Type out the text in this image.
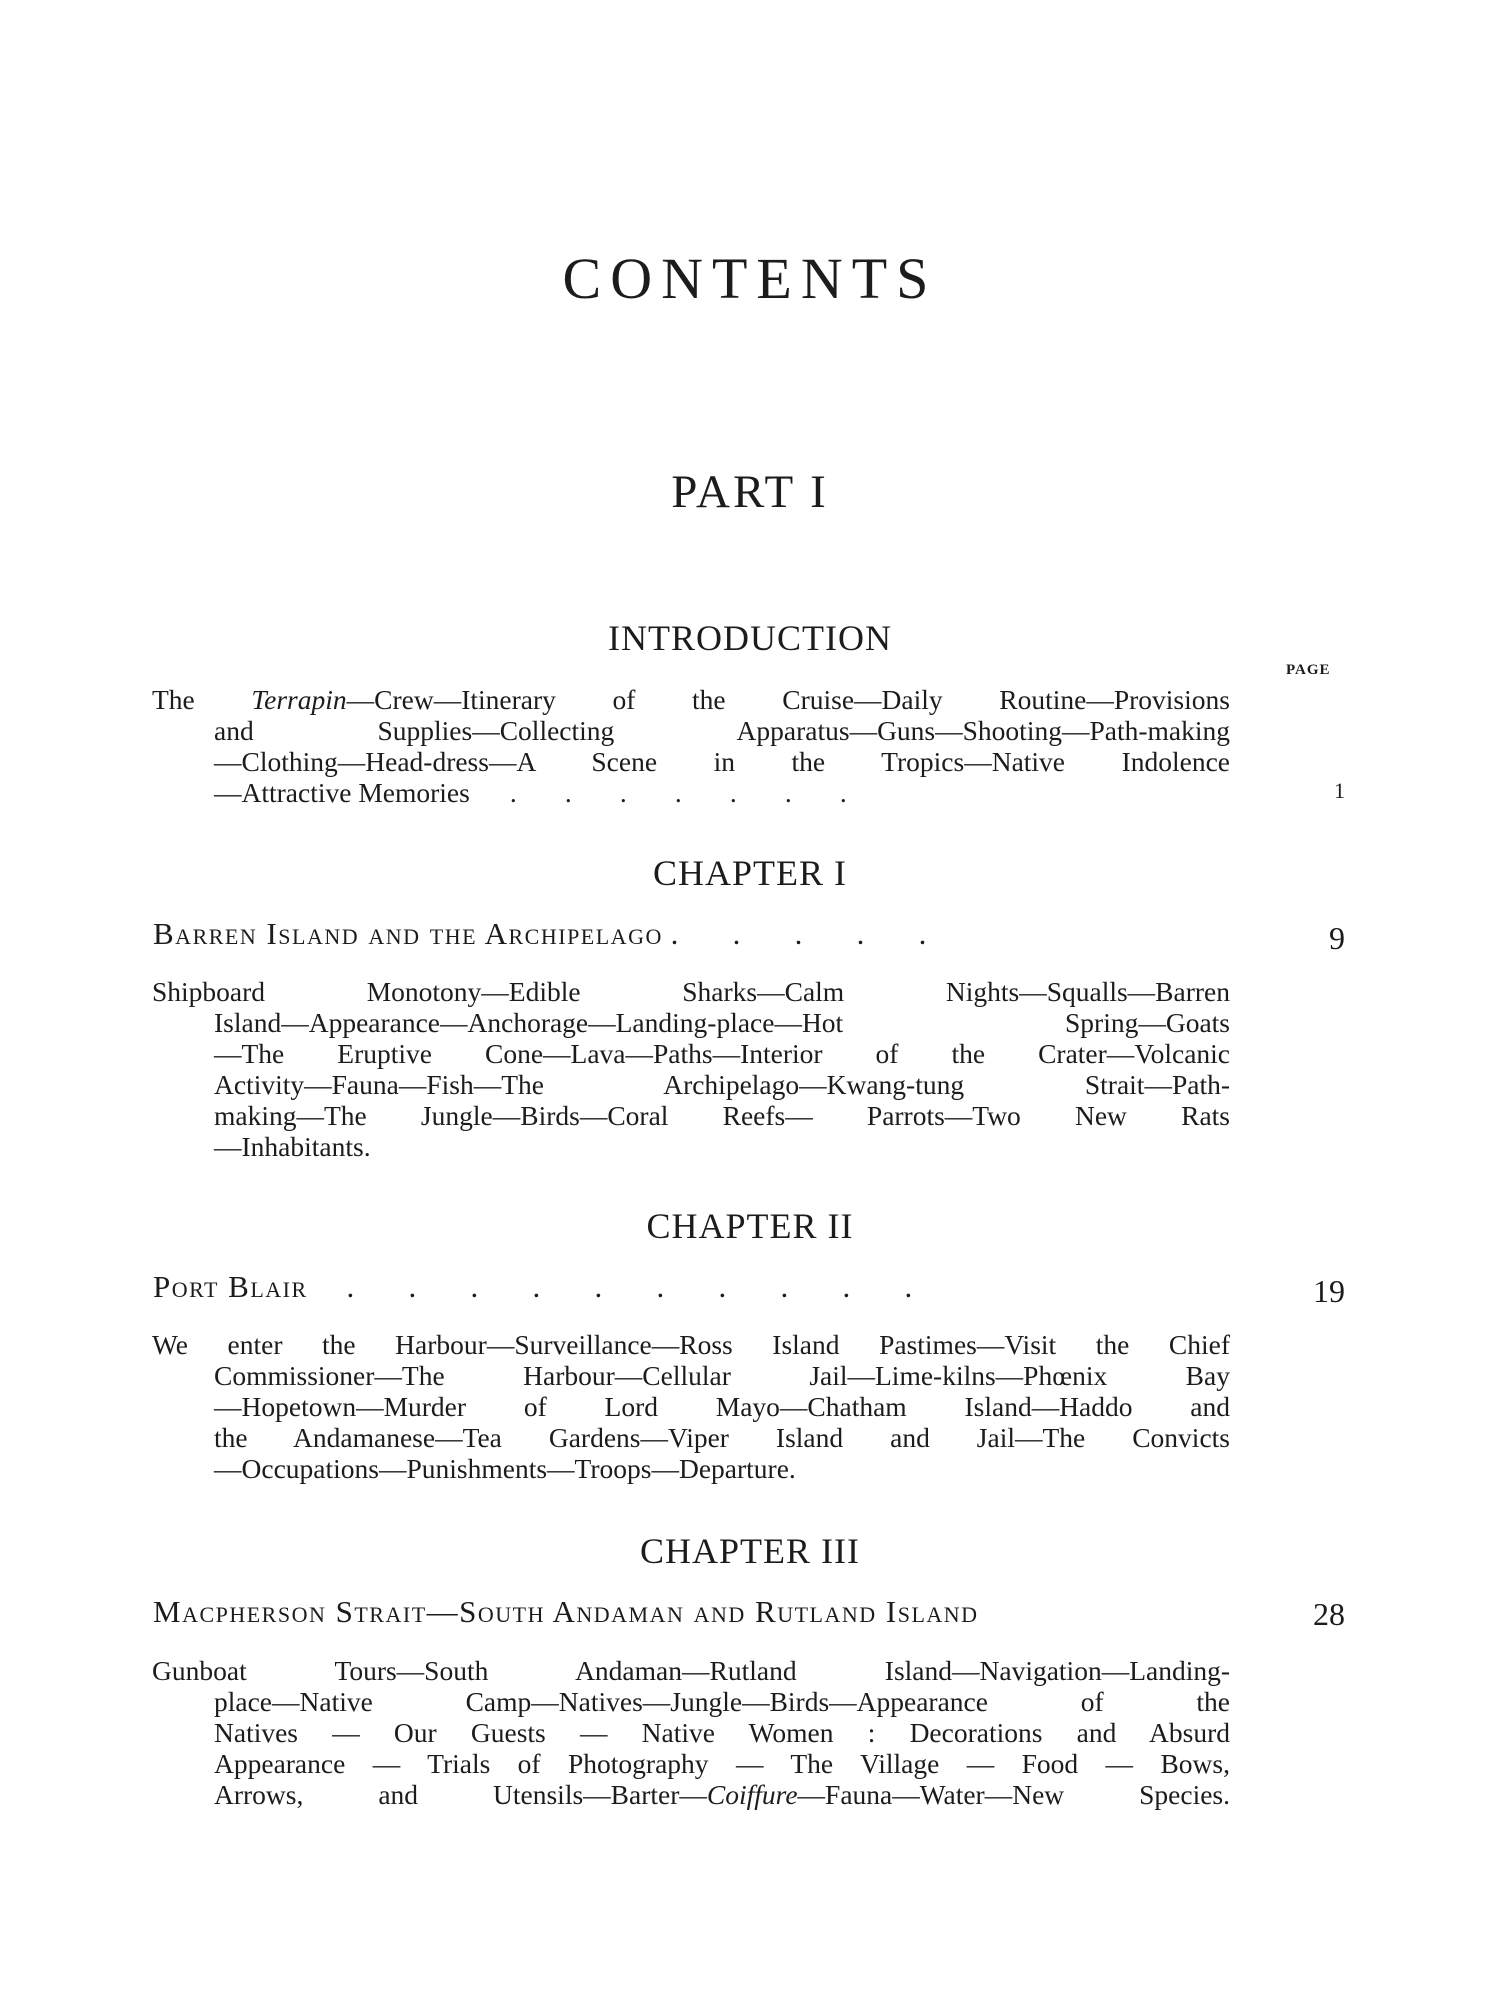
CONTENTS
PART I
INTRODUCTION
PAGE
The Terrapin—Crew—Itinerary of the Cruise—Daily Routine—Provisions
and Supplies—Collecting Apparatus—Guns—Shooting—Path-making
—Clothing—Head-dress—A Scene in the Tropics—Native Indolence
—Attractive Memories .       .       .       .       .       .       .	1
CHAPTER I
Barren Island and the Archipelago .       .       .       .       .	9
Shipboard Monotony—Edible Sharks—Calm Nights—Squalls—Barren
Island—Appearance—Anchorage—Landing-place—Hot Spring—Goats
—The Eruptive Cone—Lava—Paths—Interior of the Crater—Volcanic
Activity—Fauna—Fish—The Archipelago—Kwang-tung Strait—Path-
making—The Jungle—Birds—Coral Reefs— Parrots—Two New Rats
—Inhabitants.
CHAPTER II
Port Blair     .       .       .       .       .       .       .       .       .       .	19
We enter the Harbour—Surveillance—Ross Island Pastimes—Visit the Chief
Commissioner—The Harbour—Cellular Jail—Lime-kilns—Phœnix Bay
—Hopetown—Murder of Lord Mayo—Chatham Island—Haddo and
the Andamanese—Tea Gardens—Viper Island and Jail—The Convicts
—Occupations—Punishments—Troops—Departure.
CHAPTER III
Macpherson Strait—South Andaman and Rutland Island	28
Gunboat Tours—South Andaman—Rutland Island—Navigation—Landing-
place—Native Camp—Natives—Jungle—Birds—Appearance of the
Natives — Our Guests — Native Women : Decorations and Absurd
Appearance — Trials of Photography — The Village — Food — Bows,
Arrows, and Utensils—Barter—Coiffure—Fauna—Water—New Species.
